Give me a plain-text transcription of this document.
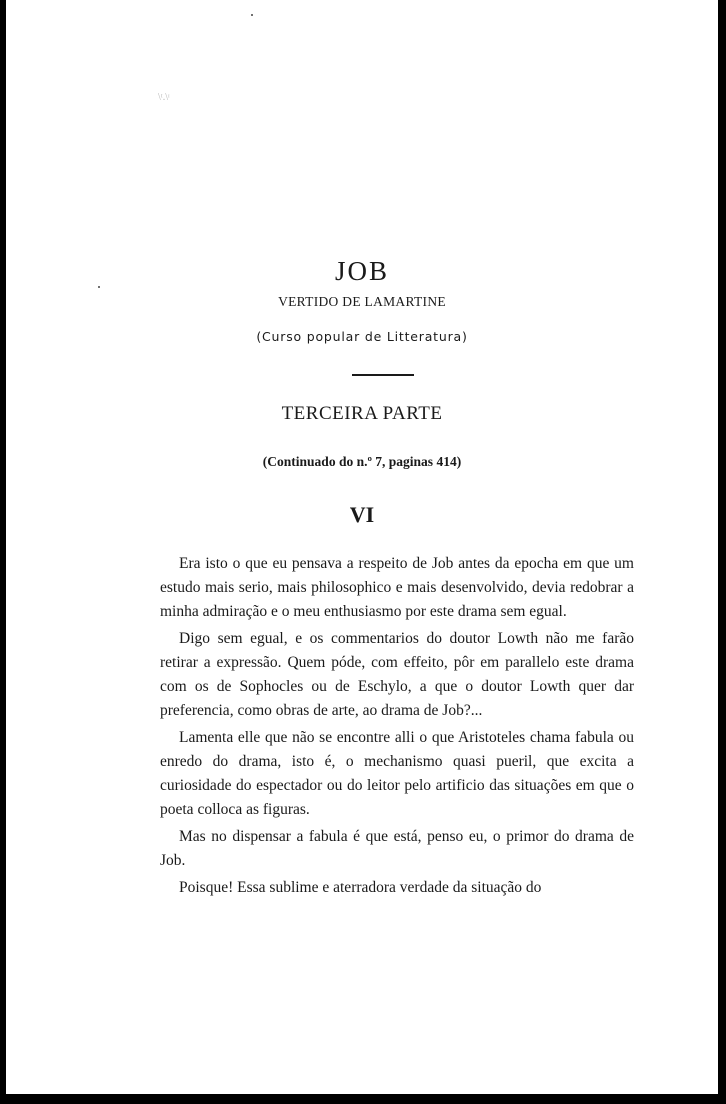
\ᵗ.\ᶦ
JOB
VERTIDO DE LAMARTINE
(Curso popular de Litteratura)
TERCEIRA PARTE
(Continuado do n.º 7, paginas 414)
VI

Era isto o que eu pensava a respeito de Job antes da epocha em que um estudo mais serio, mais philosophico e mais desenvolvido, devia redobrar a minha admiração e o meu enthusiasmo por este drama sem egual.

Digo sem egual, e os commentarios do doutor Lowth não me farão retirar a expressão. Quem póde, com effeito, pôr em parallelo este drama com os de Sophocles ou de Eschylo, a que o doutor Lowth quer dar preferencia, como obras de arte, ao drama de Job?...

Lamenta elle que não se encontre alli o que Aristoteles chama fabula ou enredo do drama, isto é, o mechanismo quasi pueril, que excita a curiosidade do espectador ou do leitor pelo artificio das situações em que o poeta colloca as figuras.

Mas no dispensar a fabula é que está, penso eu, o primor do drama de Job.

Poisque! Essa sublime e aterradora verdade da situação do
